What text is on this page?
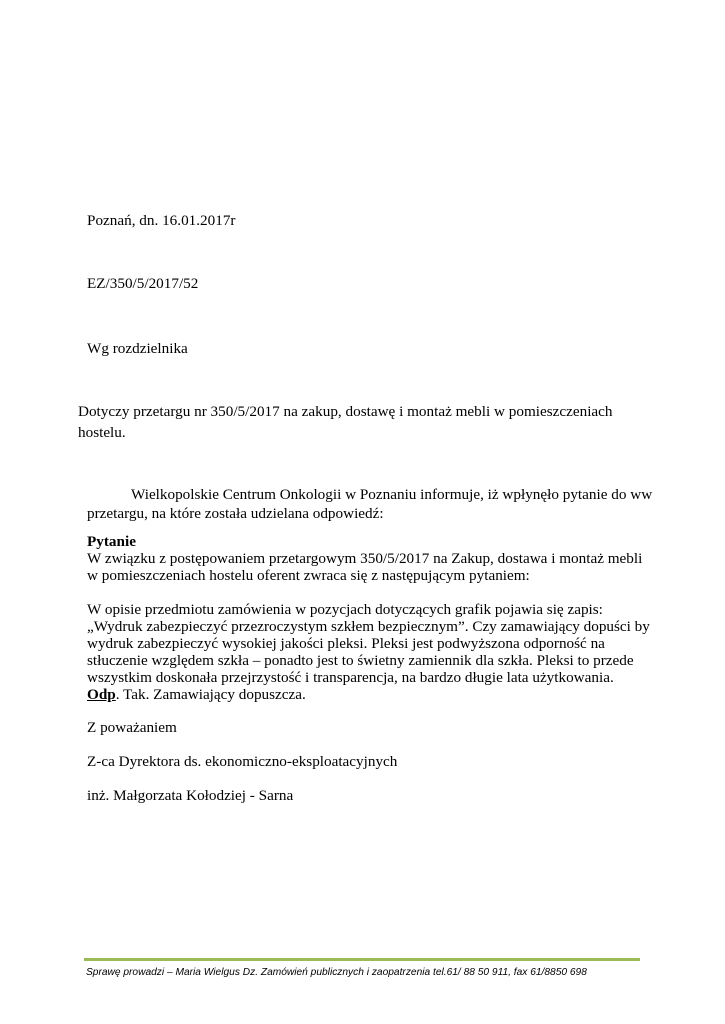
Poznań, dn. 16.01.2017r
EZ/350/5/2017/52
Wg rozdzielnika
Dotyczy przetargu nr 350/5/2017 na zakup, dostawę i montaż mebli w pomieszczeniach
hostelu.
Wielkopolskie Centrum Onkologii w Poznaniu informuje, iż wpłynęło pytanie do ww
przetargu, na które została udzielana odpowiedź:
Pytanie
W związku z postępowaniem przetargowym 350/5/2017 na Zakup, dostawa i montaż mebli
w pomieszczeniach hostelu oferent zwraca się z następującym pytaniem:
W opisie przedmiotu zamówienia w pozycjach dotyczących grafik pojawia się zapis:
„Wydruk zabezpieczyć przezroczystym szkłem bezpiecznym”. Czy zamawiający dopuści by
wydruk zabezpieczyć wysokiej jakości pleksi. Pleksi jest podwyższona odporność na
stłuczenie względem szkła – ponadto jest to świetny zamiennik dla szkła. Pleksi to przede
wszystkim doskonała przejrzystość i transparencja, na bardzo długie lata użytkowania.
Odp. Tak. Zamawiający dopuszcza.
Z poważaniem
Z-ca Dyrektora ds. ekonomiczno-eksploatacyjnych
inż. Małgorzata Kołodziej - Sarna
Sprawę prowadzi – Maria Wielgus Dz. Zamówień publicznych i zaopatrzenia tel.61/ 88 50 911, fax 61/8850 698
